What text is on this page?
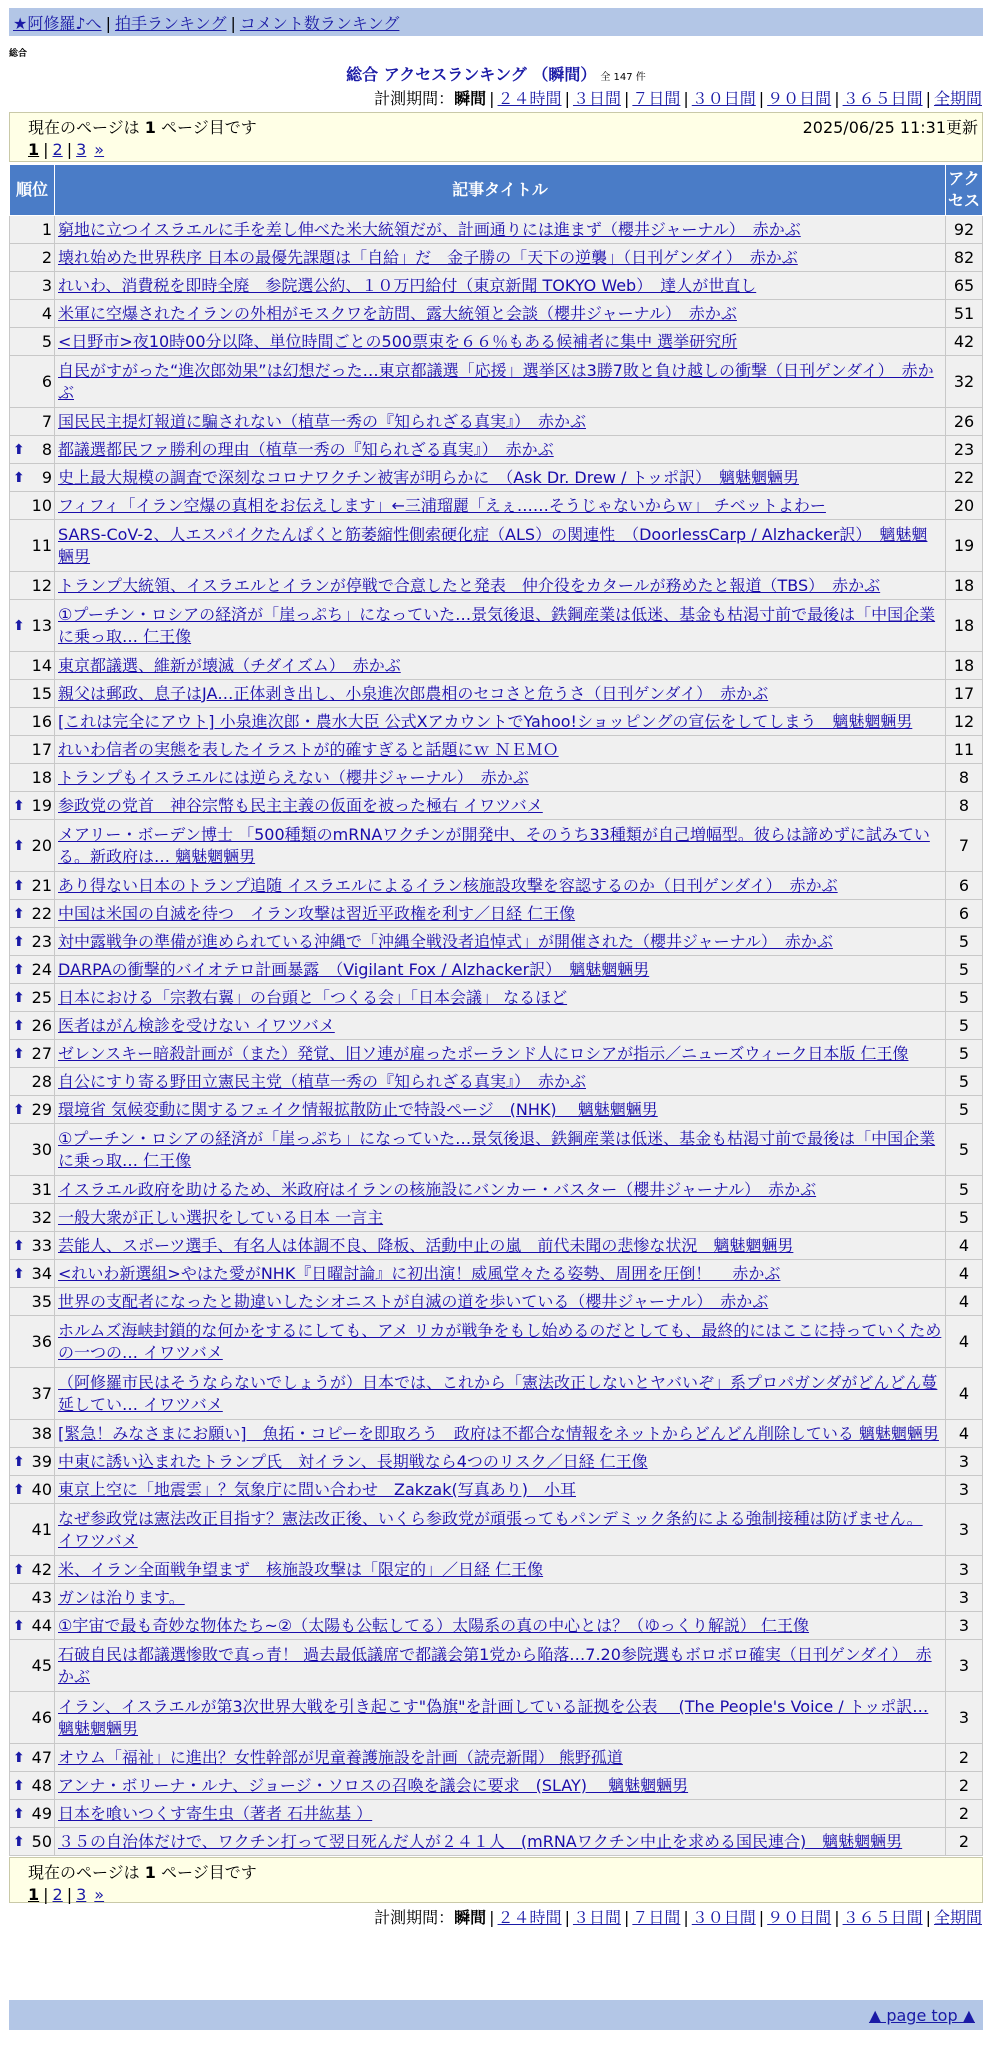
★阿修羅♪へ | 拍手ランキング | コメント数ランキング
総合
総合 アクセスランキング （瞬間） 全 147 件
計測期間：瞬間 | ２４時間 | ３日間 | ７日間 | ３０日間 | ９０日間 | ３６５日間 | 全期間
現在のページは 1 ページ目です	2025/06/25 11:31更新
1 | 2 | 3 »
順位	記事タイトル	アクセス
1	窮地に立つイスラエルに手を差し伸べた米大統領だが、計画通りには進まず（櫻井ジャーナル）　赤かぶ	92
2	壊れ始めた世界秩序 日本の最優先課題は「自給」だ　金子勝の「天下の逆襲」（日刊ゲンダイ）　赤かぶ	82
3	れいわ、消費税を即時全廃　参院選公約、１０万円給付（東京新聞 TOKYO Web）　達人が世直し	65
4	米軍に空爆されたイランの外相がモスクワを訪問、露大統領と会談（櫻井ジャーナル）　赤かぶ	51
5	<日野市>夜10時00分以降、単位時間ごとの500票束を６６％もある候補者に集中 選挙研究所	42
6	自民がすがった“進次郎効果”は幻想だった…東京都議選「応援」選挙区は3勝7敗と負け越しの衝撃（日刊ゲンダイ）　赤かぶ	32
7	国民民主提灯報道に騙されない（植草一秀の『知られざる真実』）　赤かぶ	26

⬆ 8	都議選都民ファ勝利の理由（植草一秀の『知られざる真実』）　赤かぶ	23

⬆ 9	史上最大規模の調査で深刻なコロナワクチン被害が明らかに　（Ask Dr. Drew / トッポ訳）　魑魅魍魎男	22
10	フィフィ「イラン空爆の真相をお伝えします」←三浦瑠麗「えぇ……そうじゃないからｗ」 チベットよわー	20
11	SARS-CoV-2、人エスパイクたんぱくと筋萎縮性側索硬化症（ALS）の関連性　（DoorlessCarp / Alzhacker訳）　魑魅魍魎男	19
12	トランプ大統領、イスラエルとイランが停戦で合意したと発表　仲介役をカタールが務めたと報道（TBS）　赤かぶ	18

⬆ 13	①プーチン・ロシアの経済が「崖っぷち」になっていた…景気後退、鉄鋼産業は低迷、基金も枯渇寸前で最後は「中国企業に乗っ取… 仁王像	18
14	東京都議選、維新が壊滅（チダイズム）　赤かぶ	18
15	親父は郵政、息子はJA…正体剥き出し、小泉進次郎農相のセコさと危うさ（日刊ゲンダイ）　赤かぶ	17
16	[これは完全にアウト] 小泉進次郎・農水大臣 公式XアカウントでYahoo!ショッピングの宣伝をしてしまう　魑魅魍魎男	12
17	れいわ信者の実態を表したイラストが的確すぎると話題にｗ ＮＥＭＯ	11
18	トランプもイスラエルには逆らえない（櫻井ジャーナル）　赤かぶ	8

⬆ 19	参政党の党首　神谷宗幣も民主主義の仮面を被った極右 イワツバメ	8

⬆ 20	メアリー・ボーデン博士 「500種類のmRNAワクチンが開発中、そのうち33種類が自己増幅型。彼らは諦めずに試みている。新政府は… 魑魅魍魎男	7

⬆ 21	あり得ない日本のトランプ追随 イスラエルによるイラン核施設攻撃を容認するのか（日刊ゲンダイ）　赤かぶ	6

⬆ 22	中国は米国の自滅を待つ　イラン攻撃は習近平政権を利す／日経 仁王像	6

⬆ 23	対中露戦争の準備が進められている沖縄で「沖縄全戦没者追悼式」が開催された（櫻井ジャーナル）　赤かぶ	5

⬆ 24	DARPAの衝撃的バイオテロ計画暴露　（Vigilant Fox / Alzhacker訳）　魑魅魍魎男	5

⬆ 25	日本における「宗教右翼」の台頭と「つくる会」「日本会議」 なるほど	5

⬆ 26	医者はがん検診を受けない イワツバメ	5

⬆ 27	ゼレンスキー暗殺計画が（また）発覚、旧ソ連が雇ったポーランド人にロシアが指示／ニューズウィーク日本版 仁王像	5
28	自公にすり寄る野田立憲民主党（植草一秀の『知られざる真実』）　赤かぶ	5

⬆ 29	環境省 気候変動に関するフェイク情報拡散防止で特設ページ　(NHK)　 魑魅魍魎男	5
30	①プーチン・ロシアの経済が「崖っぷち」になっていた…景気後退、鉄鋼産業は低迷、基金も枯渇寸前で最後は「中国企業に乗っ取… 仁王像	5
31	イスラエル政府を助けるため、米政府はイランの核施設にバンカー・バスター（櫻井ジャーナル）　赤かぶ	5
32	一般大衆が正しい選択をしている日本 一言主	5

⬆ 33	芸能人、スポーツ選手、有名人は体調不良、降板、活動中止の嵐　前代未聞の悲惨な状況　魑魅魍魎男	4

⬆ 34	<れいわ新選組>やはた愛がNHK『日曜討論』に初出演！威風堂々たる姿勢、周囲を圧倒！　 赤かぶ	4
35	世界の支配者になったと勘違いしたシオニストが自滅の道を歩いている（櫻井ジャーナル）　赤かぶ	4
36	ホルムズ海峡封鎖的な何かをするにしても、アメ リカが戦争をもし始めるのだとしても、最終的にはここに持っていくための一つの… イワツバメ	4
37	（阿修羅市民はそうならないでしょうが）日本では、これから「憲法改正しないとヤバいぞ」系プロパガンダがどんどん蔓延してい… イワツバメ	4
38	[緊急！みなさまにお願い]　魚拓・コピーを即取ろう　政府は不都合な情報をネットからどんどん削除している 魑魅魍魎男	4

⬆ 39	中東に誘い込まれたトランプ氏　対イラン、長期戦なら4つのリスク／日経 仁王像	3

⬆ 40	東京上空に「地震雲」？気象庁に問い合わせ　Zakzak(写真あり)　小耳	3
41	なぜ参政党は憲法改正目指す？憲法改正後、いくら参政党が頑張ってもパンデミック条約による強制接種は防げません。 イワツバメ	3

⬆ 42	米、イラン全面戦争望まず　核施設攻撃は「限定的」／日経 仁王像	3
43	ガンは治ります。	3

⬆ 44	①宇宙で最も奇妙な物体たち~②（太陽も公転してる）太陽系の真の中心とは？（ゆっくり解説） 仁王像	3
45	石破自民は都議選惨敗で真っ青！ 過去最低議席で都議会第1党から陥落…7.20参院選もボロボロ確実（日刊ゲンダイ）　赤かぶ	3
46	イラン、イスラエルが第3次世界大戦を引き起こす"偽旗"を計画している証拠を公表　 (The People's Voice / トッポ訳… 魑魅魍魎男	3

⬆ 47	オウム「福祉」に進出？女性幹部が児童養護施設を計画（読売新聞） 熊野孤道	2

⬆ 48	アンナ・ボリーナ・ルナ、ジョージ・ソロスの召喚を議会に要求　(SLAY)　 魑魅魍魎男	2

⬆ 49	日本を喰いつくす寄生虫（著者 石井紘基 ）	2

⬆ 50	３５の自治体だけで、ワクチン打って翌日死んだ人が２４１人　(mRNAワクチン中止を求める国民連合)　魑魅魍魎男	2
現在のページは 1 ページ目です
1 | 2 | 3 »
計測期間：瞬間 | ２４時間 | ３日間 | ７日間 | ３０日間 | ９０日間 | ３６５日間 | 全期間
▲ page top ▲
